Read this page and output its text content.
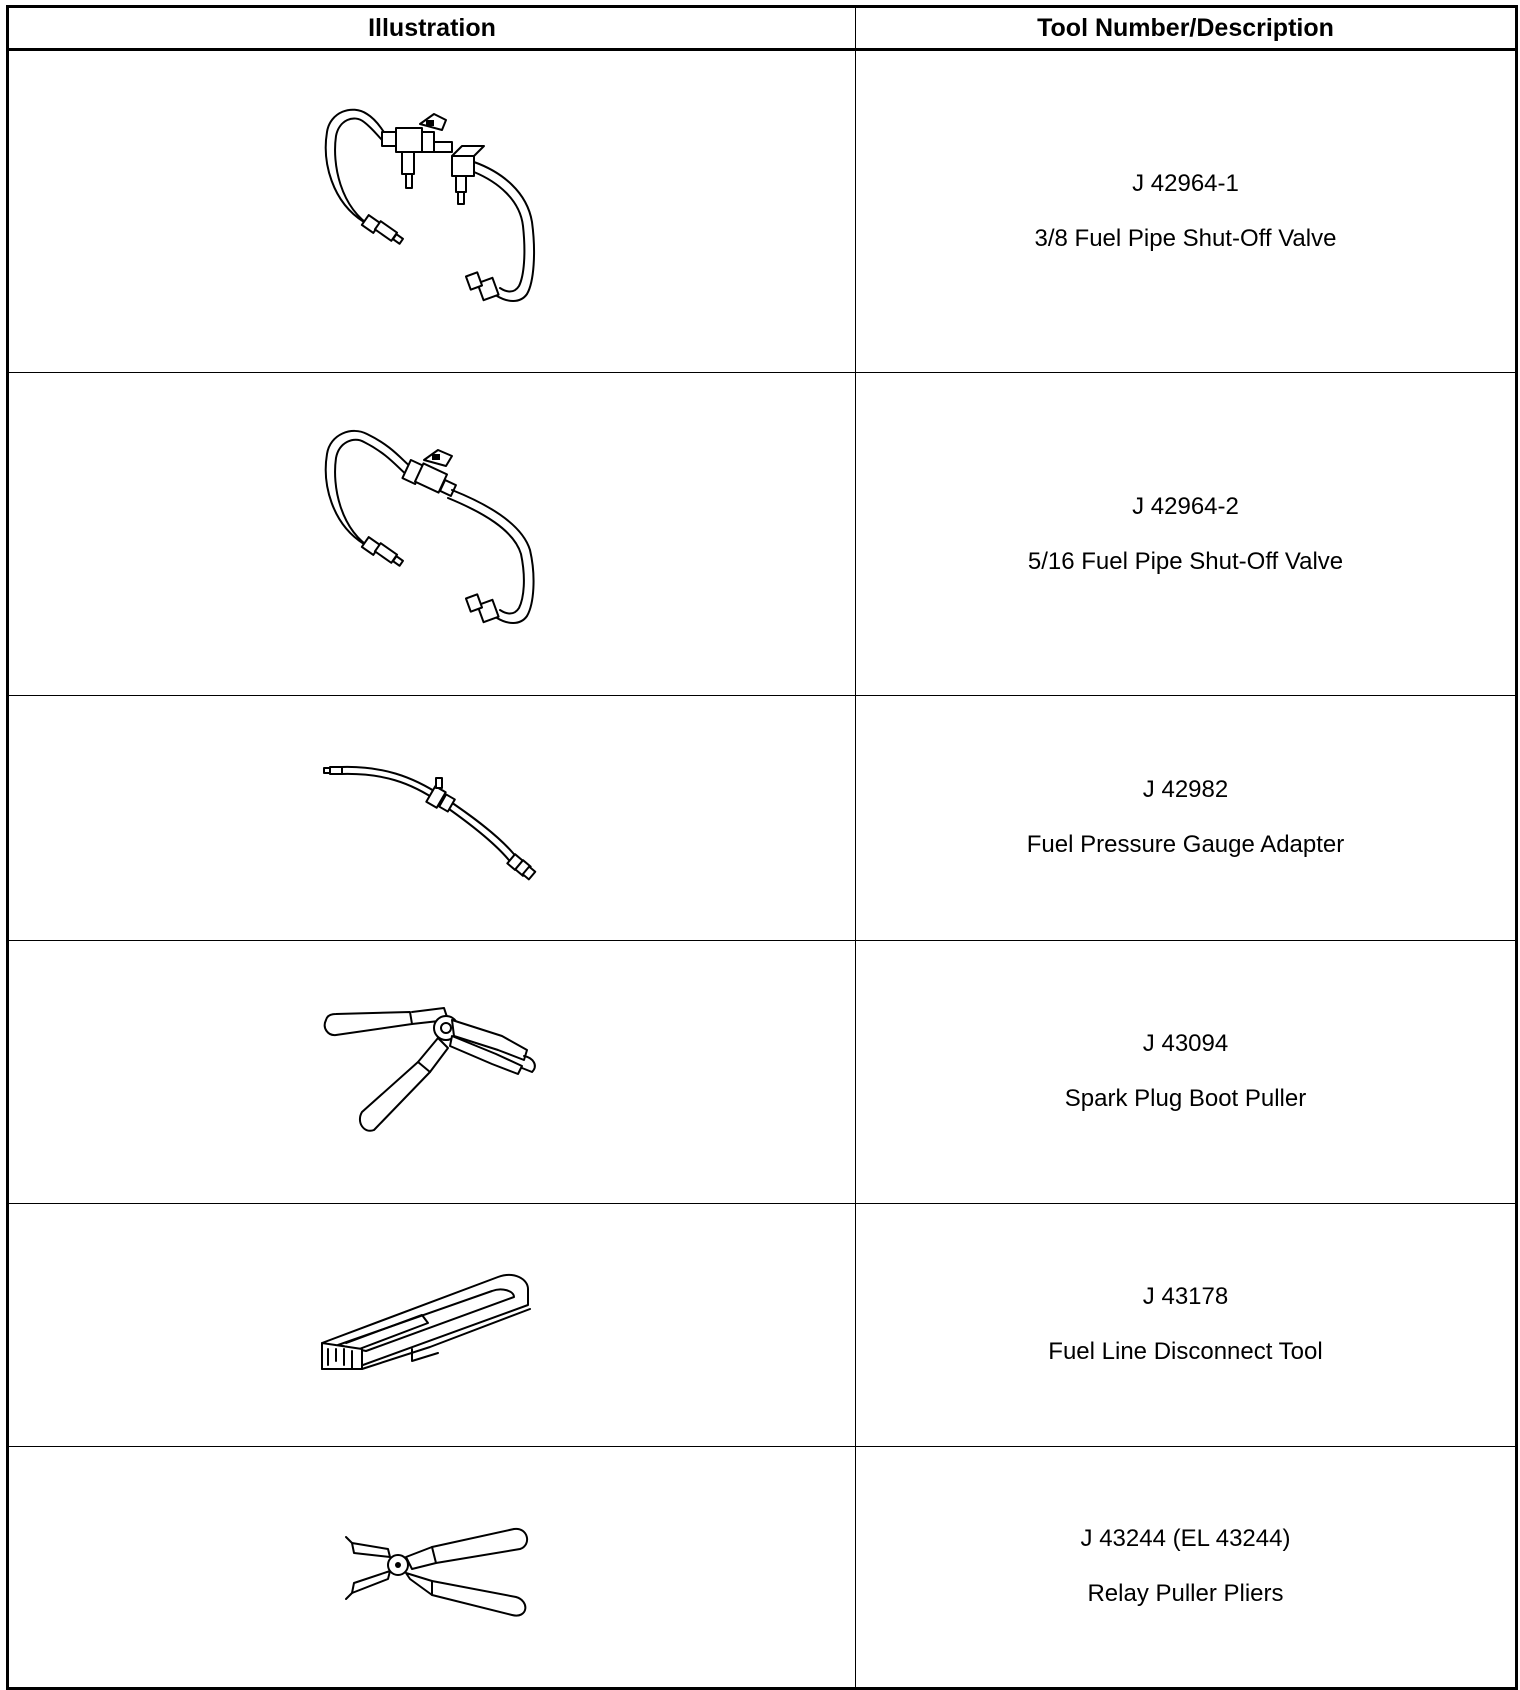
Illustration	Tool Number/Description

J 42964-1
3/8 Fuel Pipe Shut-Off Valve

J 42964-2
5/16 Fuel Pipe Shut-Off Valve

J 42982
Fuel Pressure Gauge Adapter

J 43094
Spark Plug Boot Puller

J 43178
Fuel Line Disconnect Tool

J 43244 (EL 43244)
Relay Puller Pliers
